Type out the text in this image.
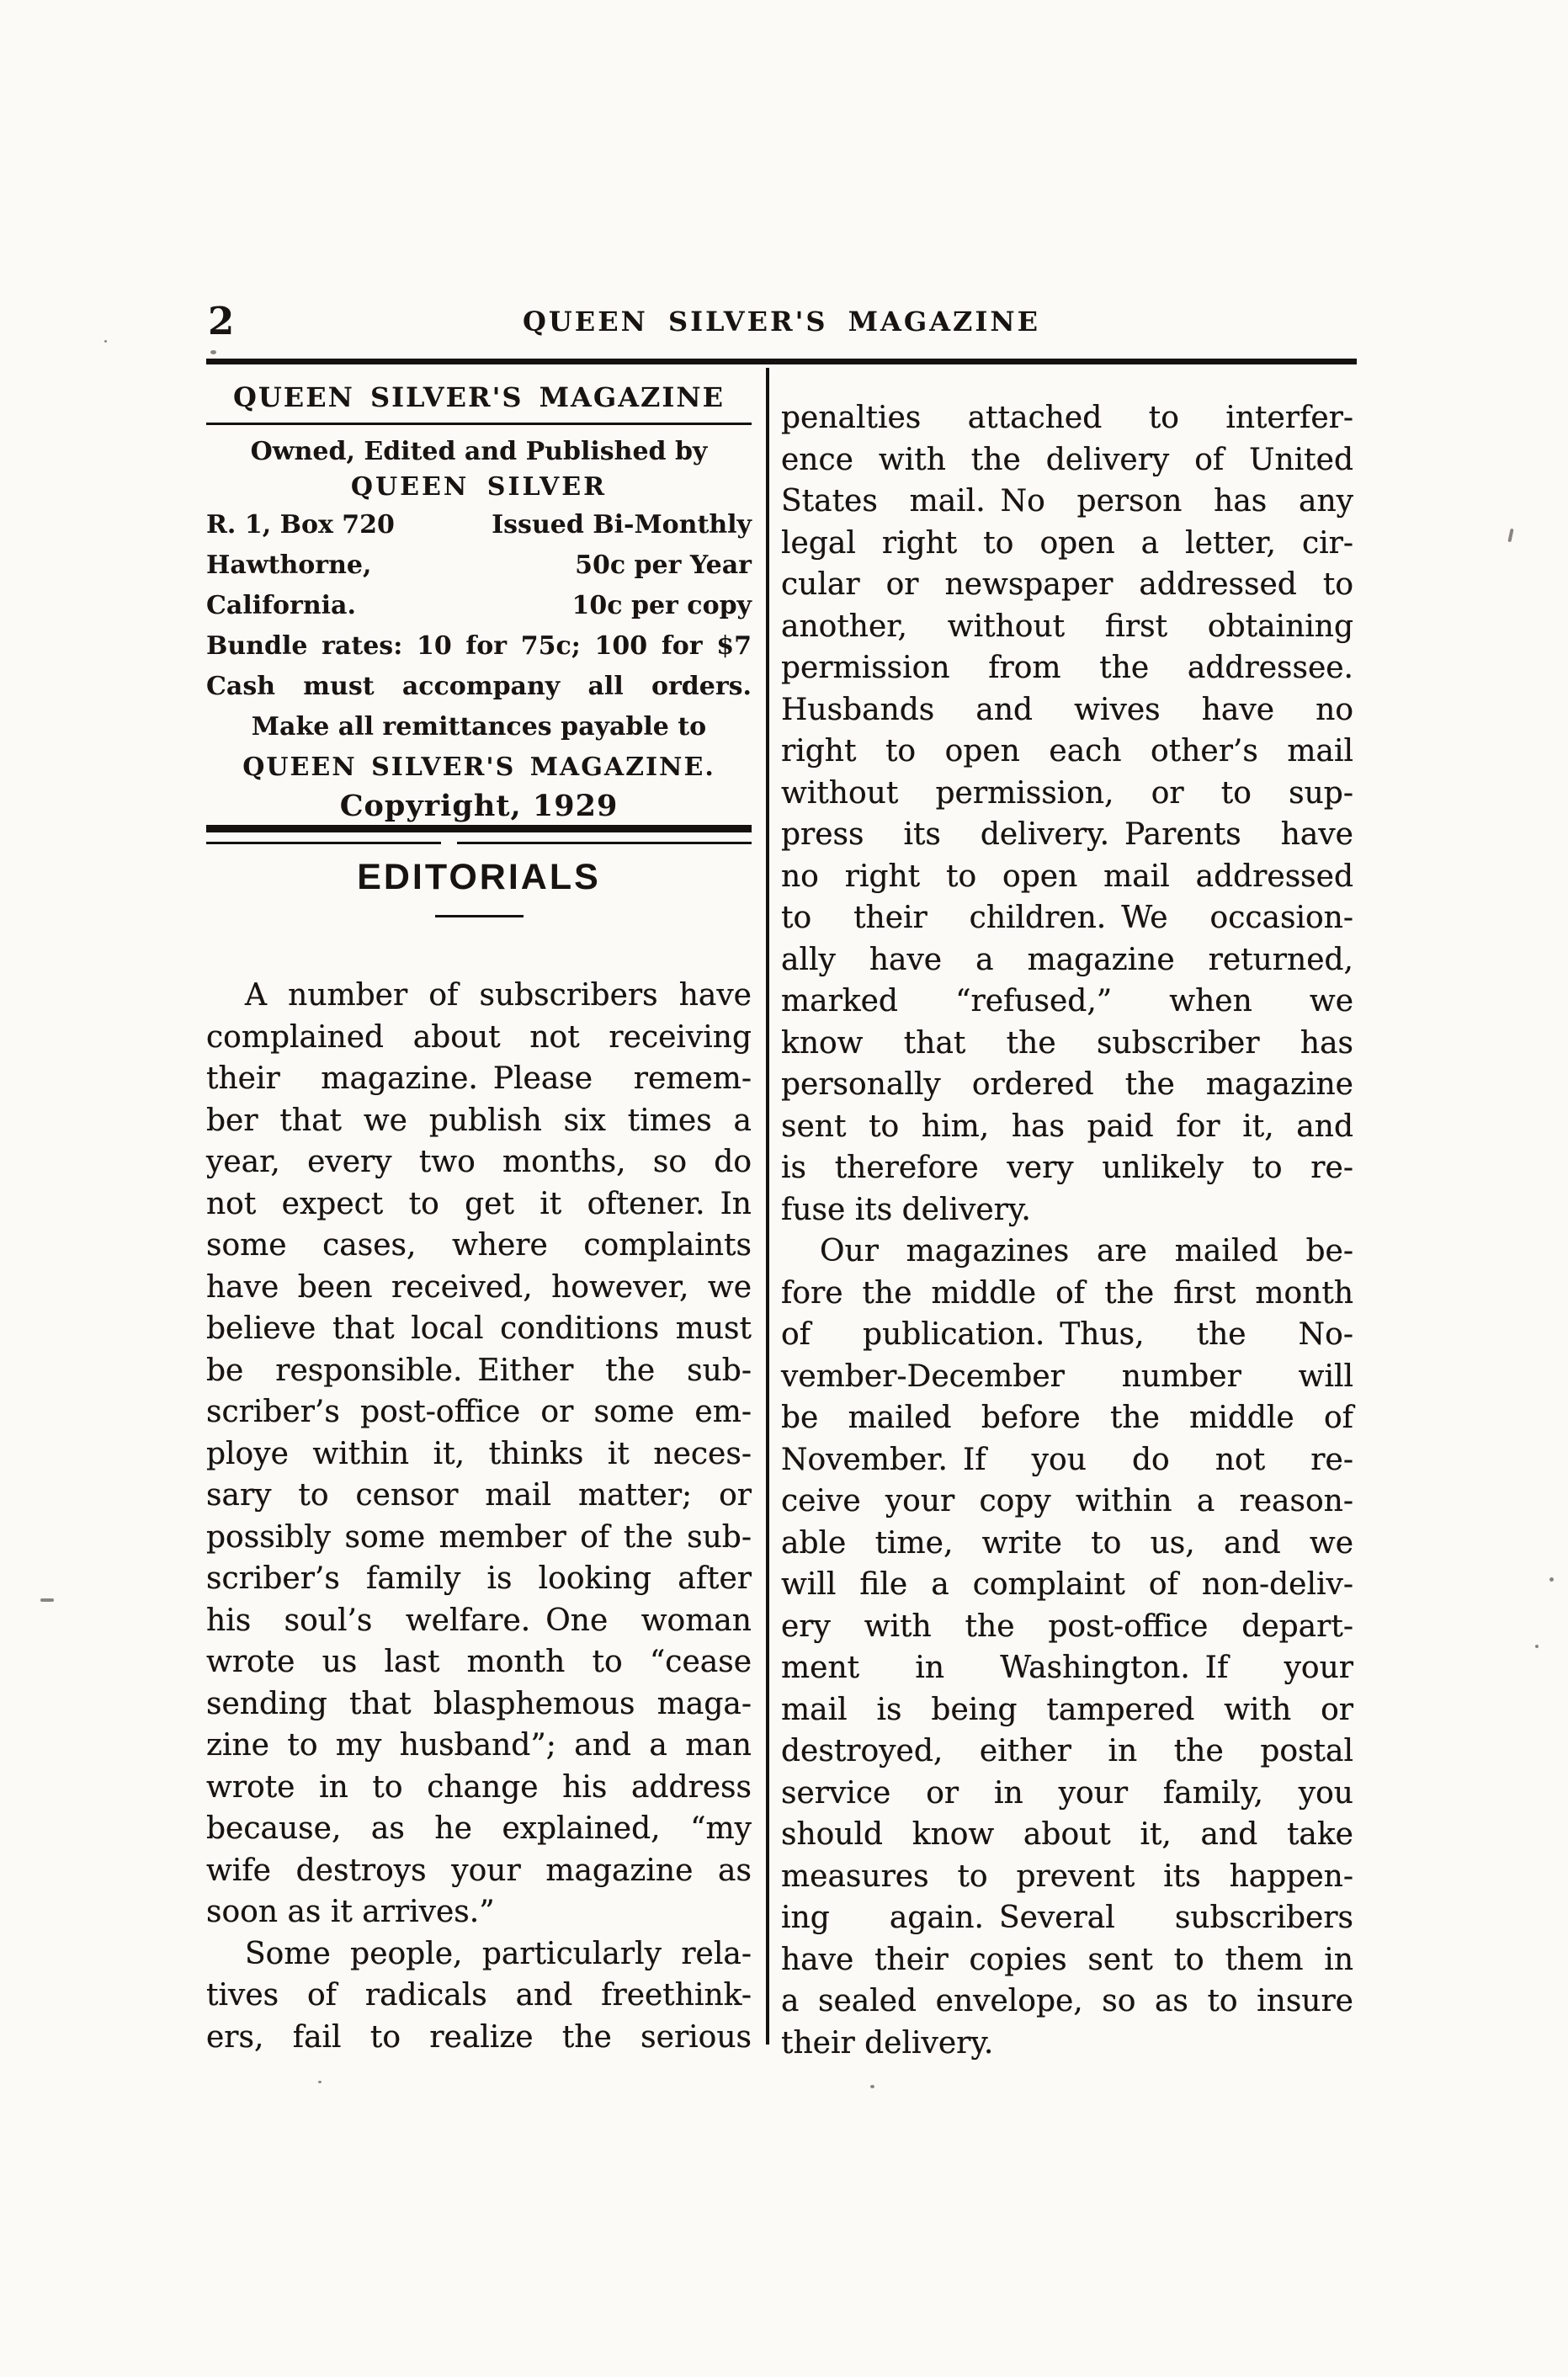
2	QUEEN SILVER'S MAGAZINE
QUEEN SILVER'S MAGAZINE
Owned, Edited and Published by
QUEEN SILVER
R. 1, Box 720	Issued Bi-Monthly
Hawthorne,	50c per Year
California.	10c per copy
Bundle rates: 10 for 75c; 100 for $7
Cash must accompany all orders.
Make all remittances payable to
QUEEN SILVER'S MAGAZINE.
Copyright, 1929
EDITORIALS
A number of subscribers have
complained about not receiving
their magazine. Please remem-
ber that we publish six times a
year, every two months, so do
not expect to get it oftener. In
some cases, where complaints
have been received, however, we
believe that local conditions must
be responsible. Either the sub-
scriber’s post-office or some em-
ploye within it, thinks it neces-
sary to censor mail matter; or
possibly some member of the sub-
scriber’s family is looking after
his soul’s welfare. One woman
wrote us last month to “cease
sending that blasphemous maga-
zine to my husband”; and a man
wrote in to change his address
because, as he explained, “my
wife destroys your magazine as
soon as it arrives.”
Some people, particularly rela-
tives of radicals and freethink-
ers, fail to realize the serious
penalties attached to interfer-
ence with the delivery of United
States mail. No person has any
legal right to open a letter, cir-
cular or newspaper addressed to
another, without first obtaining
permission from the addressee.
Husbands and wives have no
right to open each other’s mail
without permission, or to sup-
press its delivery. Parents have
no right to open mail addressed
to their children. We occasion-
ally have a magazine returned,
marked “refused,” when we
know that the subscriber has
personally ordered the magazine
sent to him, has paid for it, and
is therefore very unlikely to re-
fuse its delivery.
Our magazines are mailed be-
fore the middle of the first month
of publication. Thus, the No-
vember-December number will
be mailed before the middle of
November. If you do not re-
ceive your copy within a reason-
able time, write to us, and we
will file a complaint of non-deliv-
ery with the post-office depart-
ment in Washington. If your
mail is being tampered with or
destroyed, either in the postal
service or in your family, you
should know about it, and take
measures to prevent its happen-
ing again. Several subscribers
have their copies sent to them in
a sealed envelope, so as to insure
their delivery.
